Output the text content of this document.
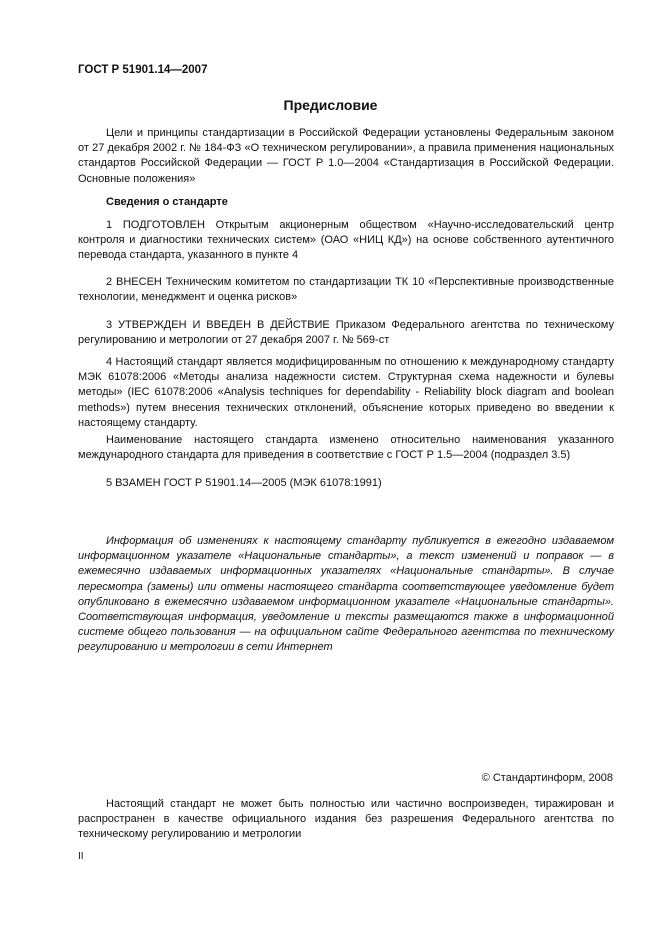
ГОСТ Р 51901.14—2007
Предисловие

Цели и принципы стандартизации в Российской Федерации установлены Федеральным законом от 27 декабря 2002 г. № 184-ФЗ «О техническом регулировании», а правила применения национальных стандартов Российской Федерации — ГОСТ Р 1.0—2004 «Стандартизация в Российской Федерации. Основные положения»

Сведения о стандарте

1 ПОДГОТОВЛЕН Открытым акционерным обществом «Научно-исследовательский центр контроля и диагностики технических систем» (ОАО «НИЦ КД») на основе собственного аутентичного перевода стандарта, указанного в пункте 4

2 ВНЕСЕН Техническим комитетом по стандартизации ТК 10 «Перспективные производственные технологии, менеджмент и оценка рисков»

3 УТВЕРЖДЕН И ВВЕДЕН В ДЕЙСТВИЕ Приказом Федерального агентства по техническому регулированию и метрологии от 27 декабря 2007 г. № 569-ст

4 Настоящий стандарт является модифицированным по отношению к международному стандарту МЭК 61078:2006 «Методы анализа надежности систем. Структурная схема надежности и булевы методы» (IEC 61078:2006 «Analysis techniques for dependability - Reliability block diagram and boolean methods») путем внесения технических отклонений, объяснение которых приведено во введении к настоящему стандарту.

Наименование настоящего стандарта изменено относительно наименования указанного международного стандарта для приведения в соответствие с ГОСТ Р 1.5—2004 (подраздел 3.5)

5 ВЗАМЕН ГОСТ Р 51901.14—2005 (МЭК 61078:1991)

Информация об изменениях к настоящему стандарту публикуется в ежегодно издаваемом информационном указателе «Национальные стандарты», а текст изменений и поправок — в ежемесячно издаваемых информационных указателях «Национальные стандарты». В случае пересмотра (замены) или отмены настоящего стандарта соответствующее уведомление будет опубликовано в ежемесячно издаваемом информационном указателе «Национальные стандарты». Соответствующая информация, уведомление и тексты размещаются также в информационной системе общего пользования — на официальном сайте Федерального агентства по техническому регулированию и метрологии в сети Интернет

© Стандартинформ, 2008

Настоящий стандарт не может быть полностью или частично воспроизведен, тиражирован и распространен в качестве официального издания без разрешения Федерального агентства по техническому регулированию и метрологии

II
